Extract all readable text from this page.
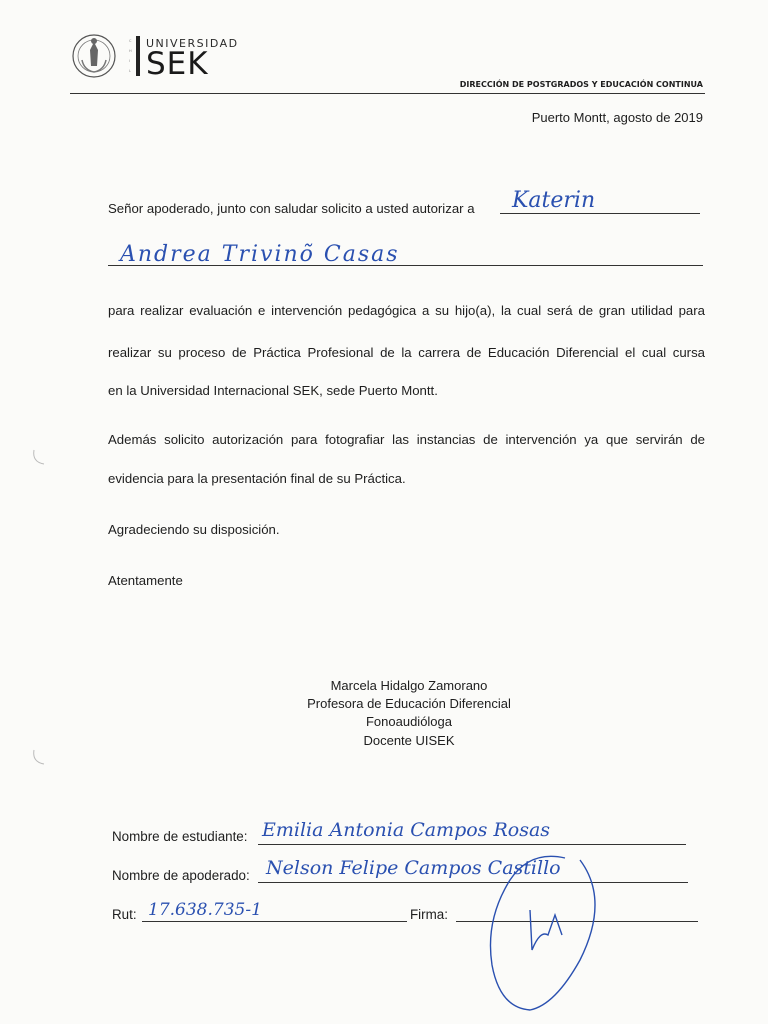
C
H
I
L
UNIVERSIDAD
SEK
DIRECCIÓN DE POSTGRADOS Y EDUCACIÓN CONTINUA
Puerto Montt, agosto de 2019
Señor apoderado, junto con saludar solicito a usted autorizar a	Katerin
Andrea Trivinõ Casas
para realizar evaluación e intervención pedagógica a su hijo(a), la cual será de gran utilidad para
realizar su proceso de Práctica Profesional de la carrera de Educación Diferencial el cual cursa
en la Universidad Internacional SEK, sede Puerto Montt.
Además solicito autorización para fotografiar las instancias de intervención ya que servirán de
evidencia para la presentación final de su Práctica.
Agradeciendo su disposición.
Atentamente
Marcela Hidalgo Zamorano
Profesora de Educación Diferencial
Fonoaudióloga
Docente UISEK
Nombre de estudiante: Emilia Antonia Campos Rosas
Nombre de apoderado: Nelson Felipe Campos Castillo
Rut: 17.638.735-1	Firma:
